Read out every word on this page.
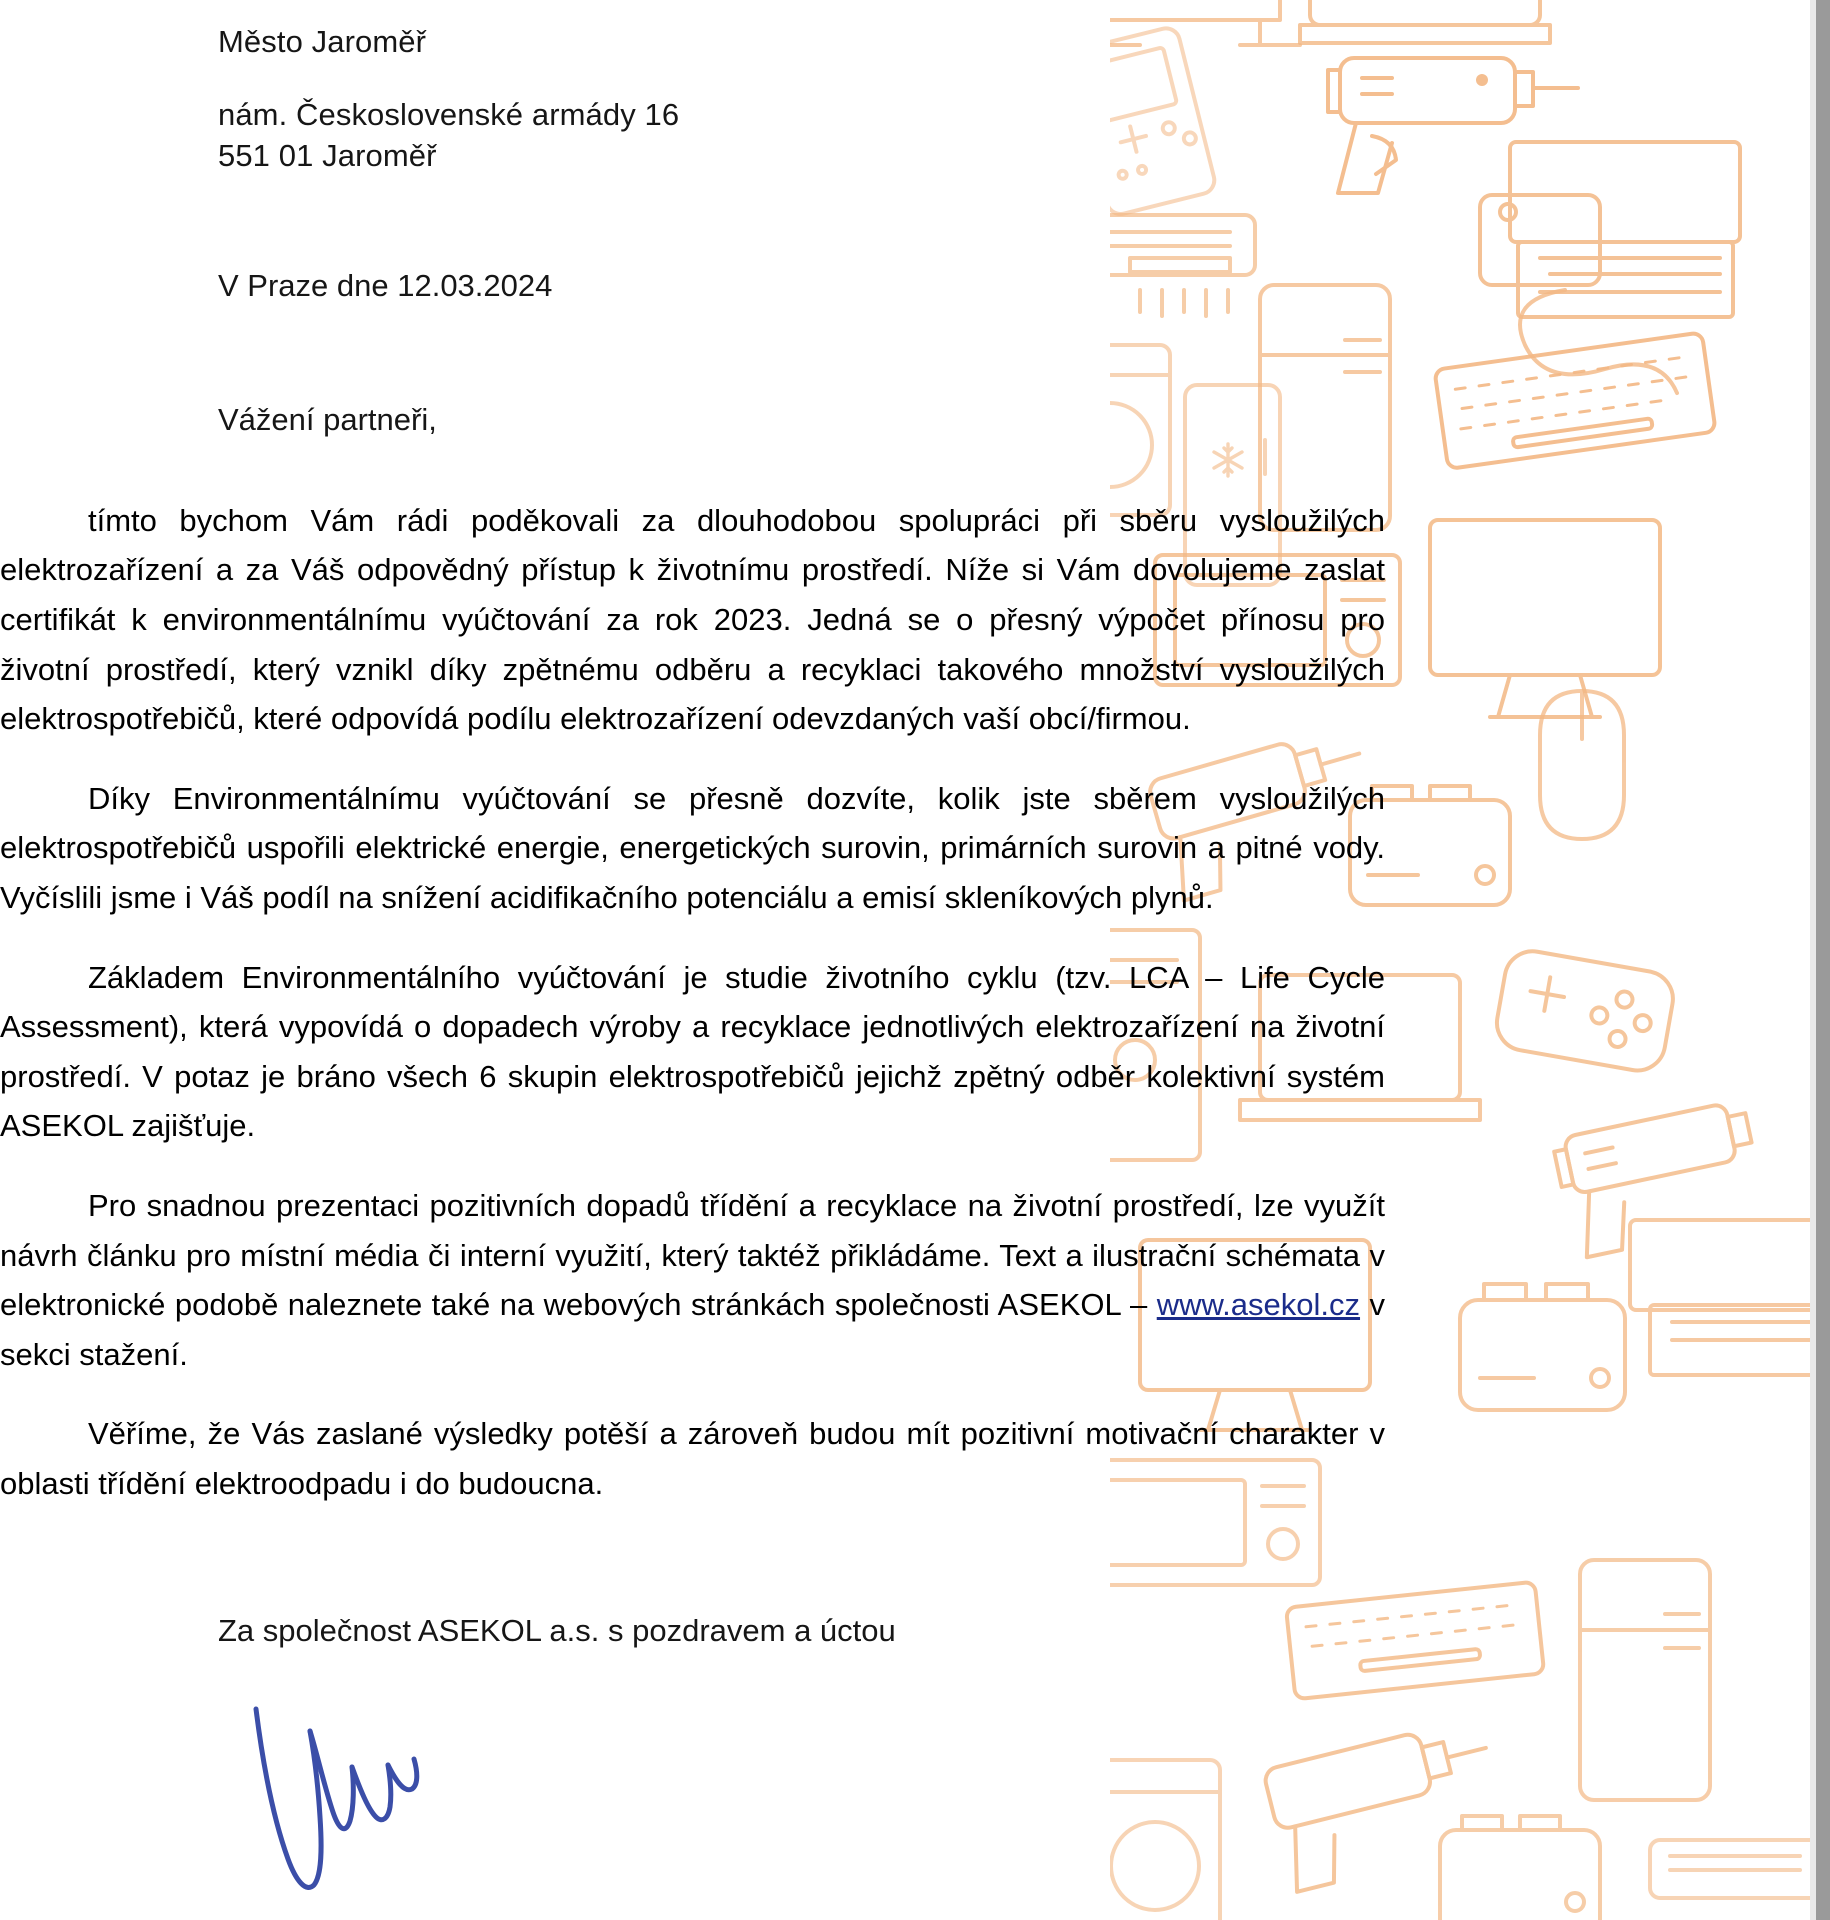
Město Jaroměř
nám. Československé armády 16
551 01 Jaroměř
V Praze dne 12.03.2024
Vážení partneři,

tímto bychom Vám rádi poděkovali za dlouhodobou spolupráci při sběru vysloužilých elektrozařízení a za Váš odpovědný přístup k životnímu prostředí. Níže si Vám dovolujeme zaslat certifikát k environmentálnímu vyúčtování za rok 2023. Jedná se o přesný výpočet přínosu pro životní prostředí, který vznikl díky zpětnému odběru a recyklaci takového množství vysloužilých elektrospotřebičů, které odpovídá podílu elektrozařízení odevzdaných vaší obcí/firmou.

Díky Environmentálnímu vyúčtování se přesně dozvíte, kolik jste sběrem vysloužilých elektrospotřebičů uspořili elektrické energie, energetických surovin, primárních surovin a pitné vody. Vyčíslili jsme i Váš podíl na snížení acidifikačního potenciálu a emisí skleníkových plynů.

Základem Environmentálního vyúčtování je studie životního cyklu (tzv. LCA – Life Cycle Assessment), která vypovídá o dopadech výroby a recyklace jednotlivých elektrozařízení na životní prostředí. V potaz je bráno všech 6 skupin elektrospotřebičů jejichž zpětný odběr kolektivní systém ASEKOL zajišťuje.

Pro snadnou prezentaci pozitivních dopadů třídění a recyklace na životní prostředí, lze využít návrh článku pro místní média či interní využití, který taktéž přikládáme. Text a ilustrační schémata v elektronické podobě naleznete také na webových stránkách společnosti ASEKOL – www.asekol.cz v sekci stažení.

Věříme, že Vás zaslané výsledky potěší a zároveň budou mít pozitivní motivační charakter v oblasti třídění elektroodpadu i do budoucna.

Za společnost ASEKOL a.s. s pozdravem a úctou
